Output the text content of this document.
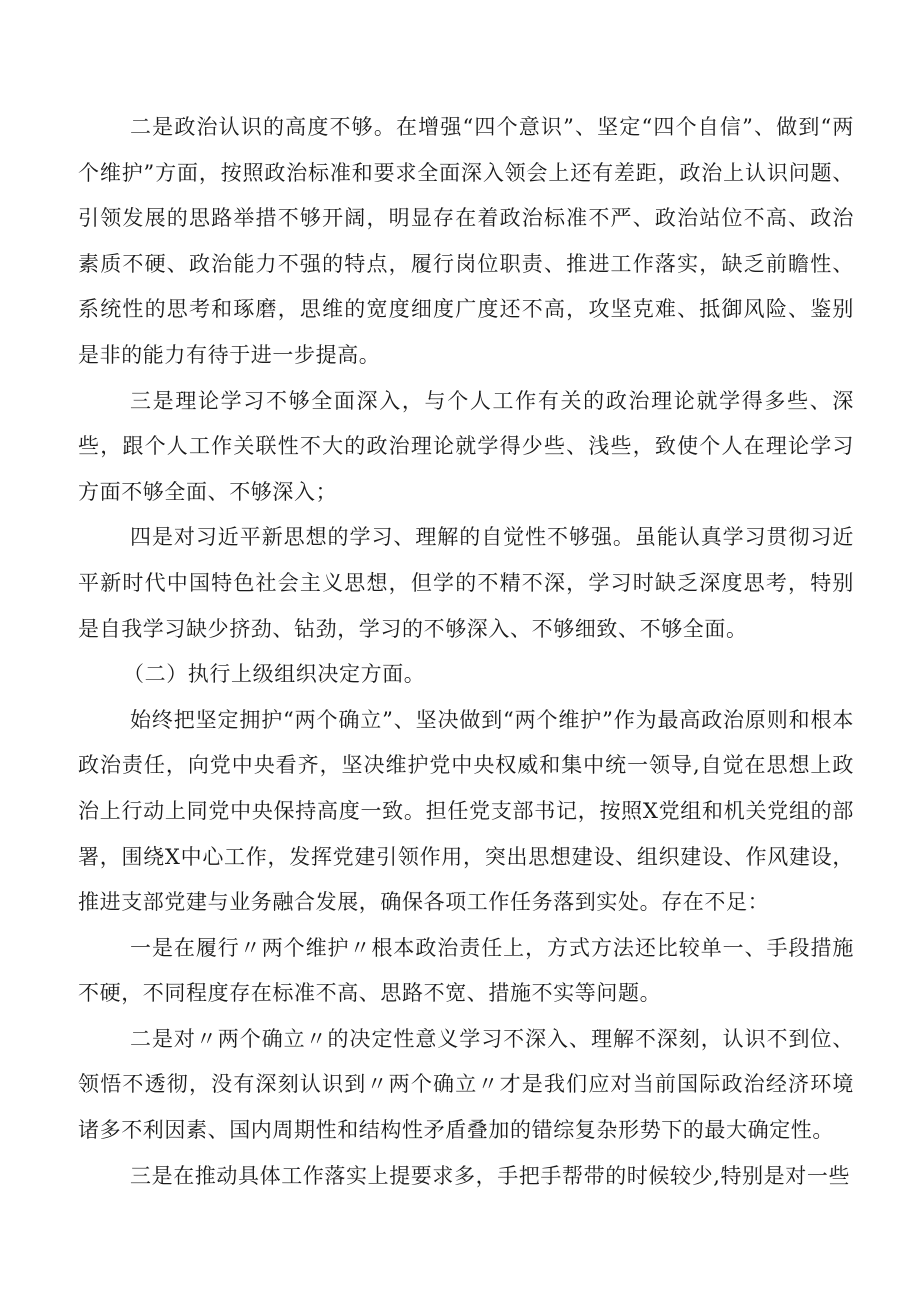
二是政治认识的高度不够。在增强“四个意识”、坚定“四个自信”、做到“两个维护”方面，按照政治标准和要求全面深入领会上还有差距，政治上认识问题、引领发展的思路举措不够开阔，明显存在着政治标准不严、政治站位不高、政治素质不硬、政治能力不强的特点，履行岗位职责、推进工作落实，缺乏前瞻性、系统性的思考和琢磨，思维的宽度细度广度还不高，攻坚克难、抵御风险、鉴别是非的能力有待于进一步提高。

三是理论学习不够全面深入，与个人工作有关的政治理论就学得多些、深些，跟个人工作关联性不大的政治理论就学得少些、浅些，致使个人在理论学习方面不够全面、不够深入；

四是对习近平新思想的学习、理解的自觉性不够强。虽能认真学习贯彻习近平新时代中国特色社会主义思想，但学的不精不深，学习时缺乏深度思考，特别是自我学习缺少挤劲、钻劲，学习的不够深入、不够细致、不够全面。

（二）执行上级组织决定方面。

始终把坚定拥护“两个确立”、坚决做到“两个维护”作为最高政治原则和根本政治责任，向党中央看齐，坚决维护党中央权威和集中统一领导,自觉在思想上政治上行动上同党中央保持高度一致。担任党支部书记，按照X党组和机关党组的部署，围绕X中心工作，发挥党建引领作用，突出思想建设、组织建设、作风建设，推进支部党建与业务融合发展，确保各项工作任务落到实处。存在不足：

一是在履行〃两个维护〃根本政治责任上，方式方法还比较单一、手段措施不硬，不同程度存在标准不高、思路不宽、措施不实等问题。

二是对〃两个确立〃的决定性意义学习不深入、理解不深刻，认识不到位、领悟不透彻，没有深刻认识到〃两个确立〃才是我们应对当前国际政治经济环境诸多不利因素、国内周期性和结构性矛盾叠加的错综复杂形势下的最大确定性。

三是在推动具体工作落实上提要求多，手把手帮带的时候较少,特别是对一些
